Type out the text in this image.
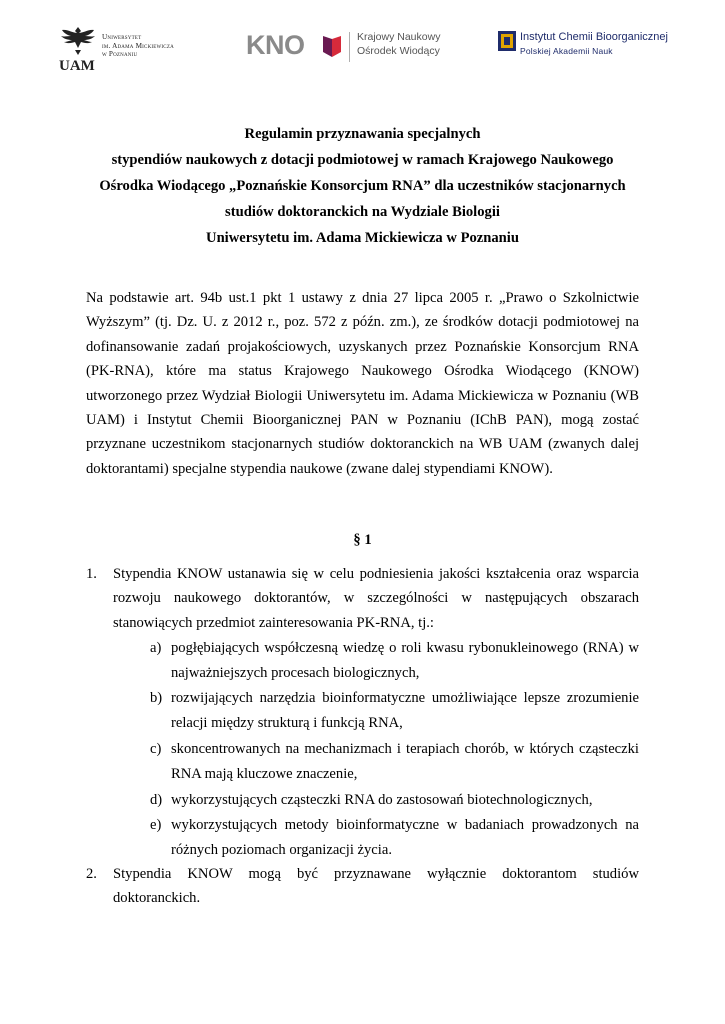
UAM
Uniwersytet
im. Adama Mickiewicza
w Poznaniu	KNO	Krajowy Naukowy
Ośrodek Wiodący
Instytut Chemii Bioorganicznej
Polskiej Akademii Nauk
Regulamin przyznawania specjalnych
stypendiów naukowych z dotacji podmiotowej w ramach Krajowego Naukowego
Ośrodka Wiodącego „Poznańskie Konsorcjum RNA” dla uczestników stacjonarnych
studiów doktoranckich na Wydziale Biologii
Uniwersytetu im. Adama Mickiewicza w Poznaniu
Na podstawie art. 94b ust.1 pkt 1 ustawy z dnia 27 lipca 2005 r. „Prawo o Szkolnictwie
Wyższym” (tj. Dz. U. z 2012 r., poz. 572 z późn. zm.), ze środków dotacji podmiotowej na
dofinansowanie zadań projakościowych, uzyskanych przez Poznańskie Konsorcjum RNA
(PK-RNA), które ma status Krajowego Naukowego Ośrodka Wiodącego (KNOW)
utworzonego przez Wydział Biologii Uniwersytetu im. Adama Mickiewicza w Poznaniu (WB
UAM) i Instytut Chemii Bioorganicznej PAN w Poznaniu (IChB PAN), mogą zostać
przyznane uczestnikom stacjonarnych studiów doktoranckich na WB UAM (zwanych dalej
doktorantami) specjalne stypendia naukowe (zwane dalej stypendiami KNOW).
§ 1
1. Stypendia KNOW ustanawia się w celu podniesienia jakości kształcenia oraz wsparcia
rozwoju naukowego doktorantów, w szczególności w następujących obszarach
stanowiących przedmiot zainteresowania PK-RNA, tj.:
a) pogłębiających współczesną wiedzę o roli kwasu rybonukleinowego (RNA) w
najważniejszych procesach biologicznych,
b) rozwijających narzędzia bioinformatyczne umożliwiające lepsze zrozumienie
relacji między strukturą i funkcją RNA,
c) skoncentrowanych na mechanizmach i terapiach chorób, w których cząsteczki
RNA mają kluczowe znaczenie,
d) wykorzystujących cząsteczki RNA do zastosowań biotechnologicznych,
e) wykorzystujących metody bioinformatyczne w badaniach prowadzonych na
różnych poziomach organizacji życia.
2. Stypendia KNOW mogą być przyznawane wyłącznie doktorantom studiów
doktoranckich.
